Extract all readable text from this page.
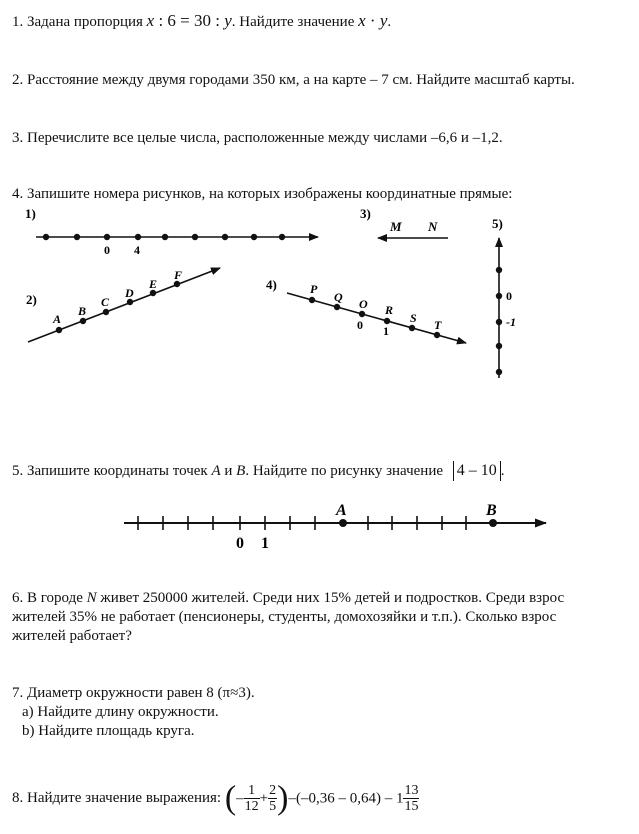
1. Задана пропорция x : 6 = 30 : y. Найдите значение x · y.
2. Расстояние между двумя городами 350 км, а на карте – 7 см. Найдите масштаб карты.
3. Перечислите все целые числа, расположенные между числами –6,6 и –1,2.
4. Запишите номера рисунков, на которых изображены координатные прямые:
1)
0 4
2)
A
B
C
D
E
F
3)
M N
4)	P
Q O R
S T
0 1
5)
0
-1
5. Запишите координаты точек A и B. Найдите по рисунку значение 4 – 10 .
0 1
A	B
6. В городе N живет 250000 жителей. Среди них 15% детей и подростков. Среди взрос
жителей 35% не работает (пенсионеры, студенты, домохозяйки и т.п.). Сколько взрос
жителей работает?
7. Диаметр окружности равен 8 (π≈3).
a) Найдите длину окружности.
b) Найдите площадь круга.
8. Найдите значение выражения: (– $\frac{1}{12} + \frac{2}{5} )-(-0,36 - 0,64) - 1 \frac{13}{15}$
